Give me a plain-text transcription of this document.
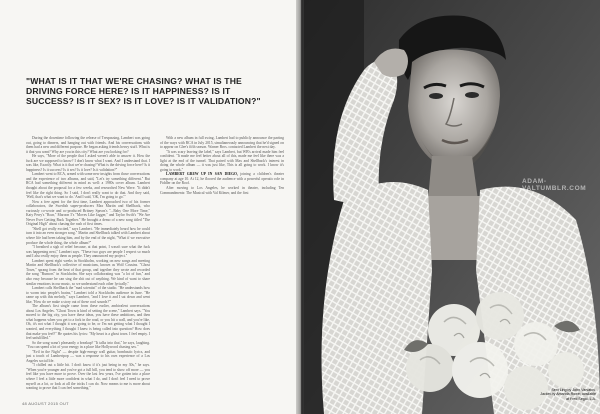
"WHAT IS IT THAT WE'RE CHASING? WHAT IS THE DRIVING FORCE HERE? IS IT HAPPINESS? IS IT SUCCESS? IS IT SEX? IS IT LOVE? IS IT VALIDATION?"

During the downtime following the release of Trespassing, Lambert was going out, going to dinners, and hanging out with friends. And his conversations with them had a new and different purpose. He began asking friends heavy stuff. What is it that you want? Why are you in this city? What are you looking for?

He says, "More of the people that I asked weren't able to answer it. How the fuck are we supposed to know? I don't know what I want. And I understand that. I was like, Exactly. What is it that we're chasing? What is the driving force here? Is it happiness? Is it success? Is it sex? Is it love? Is it validation?"

Lambert went to RCA, armed with some new insights from those conversations and the experience of two albums, and said, "Let's try something different." But RCA had something different in mind as well: a 1980s cover album. Lambert thought about the proposal for a few weeks, and researched New Wave. "It didn't feel like the right thing. So I said, I don't really want to do that. And they said, 'Well, that's what we want to do.' And I said, 'OK, I'm going to go.'"

Now a free agent for the first time, Lambert approached two of his former collaborators, the Swedish super-producers Max Martin and Shellback, who variously co-wrote and co-produced Britney Spears's "...Baby One More Time," Katy Perry's "Roar," Maroon 5's "Moves Like Jagger," and Taylor Swift's "We Are Never Ever Getting Back Together." He brought a demo of a new song titled "The Original High" about chasing the rush of first times.

"Shell got really excited," says Lambert. "He immediately heard how he could turn it into an even stronger song." Martin and Shellback talked with Lambert about where life had been taking him, and by the end of the night, "What if we executive produce the whole thing, the whole album?"

"I breathed a sigh of relief because, at that point, I wasn't sure what the fuck was happening next," Lambert says. "These two guys are people I respect so much and I also really enjoy them as people. They announced my project."

Lambert spent eight weeks in Stockholm, working on new songs and meeting Martin and Shellback's collective of musicians, known as Wolf Cousins. "Ghost Town," sprang from the heat of that group, and together they wrote and recorded the song "Rumors" in Stockholm. She says collaborating was "a lot of fun," and also easy because he can sing the shit out of anything. We kind of want to share similar emotions in our music, so we understand each other lyrically."

Lambert calls Shellback the "mad scientist" of the studio. "He understands how to worm into people's brains," Lambert told a Stockholm audience in June. "He came up with this melody," says Lambert, "and I love it and I sat down and went like, 'How do we make a story out of these cool sounds?'"

The album's first single came from these earlier, ambivalent conversations about Los Angeles. "Ghost Town is kind of setting the scene," Lambert says. "You moved to the big city, you have these ideas, you have these ambitions, and then what happens when you get to a fork in the road, or you hit a wall, and you're like, Oh, it's not what I thought it was going to be, or I'm not getting what I thought I wanted, and everything I thought I knew is being called into question? How does that make you feel?" He quotes his lyrics: "My heart is a ghost town. I feel empty. I feel unfulfilled."

So the song wasn't pleasantly a breakup? "It talks into that," he says, laughing. "You can spend a lot of your energy in a place like Hollywood chasing sex."

"Evil in the Night" — despite high-energy wall guitar, bombastic lyrics, and just a touch of Lambertpop — was a response to his own experience of a Los Angeles social life.

"I chilled out a little bit. I don't know if it's just being in my 30s," he says. "When you're younger and you've got a full bill, you tend to show off more — you feel like you have more to prove. Over the last few years, I've gotten into a place where I feel a little more confident in what I do, and I don't feel I need to prove myself as a lot, or look at all the tricks I can do. Now means to me is more about wanting to prove that I can feel something."

With a new album in full swing, Lambert had to publicly announce the parting of the ways with RCA in July 2015, simultaneously announcing that he'd signed on to appear on Glee's fifth season. Warner Bros. contacted Lambert the next day.

"It was scary leaving the label," says Lambert, but WB's arrival made him feel confident. "It made me feel better about all of this, made me feel like there was a light at the end of the tunnel. That paired with Max and Shellback's interest in doing the whole album — it was just like, This is all going to work. I know it's going to work."

LAMBERT GREW UP IN SAN DIEGO, joining a children's theater company at age 10. At 12, he floored the audience with a powerful operatic role in Fiddler on the Roof.

After moving to Los Angeles, he worked in theater, including Ten Commandments: The Musical with Val Kilmer, and the first

48 AUGUST 2015 OUT
ADAM-VALTUMBLR.COM
Sent Ling by John Varvatos. Jacket by Amanda Rowe; available at Fred Segal, L.A.
